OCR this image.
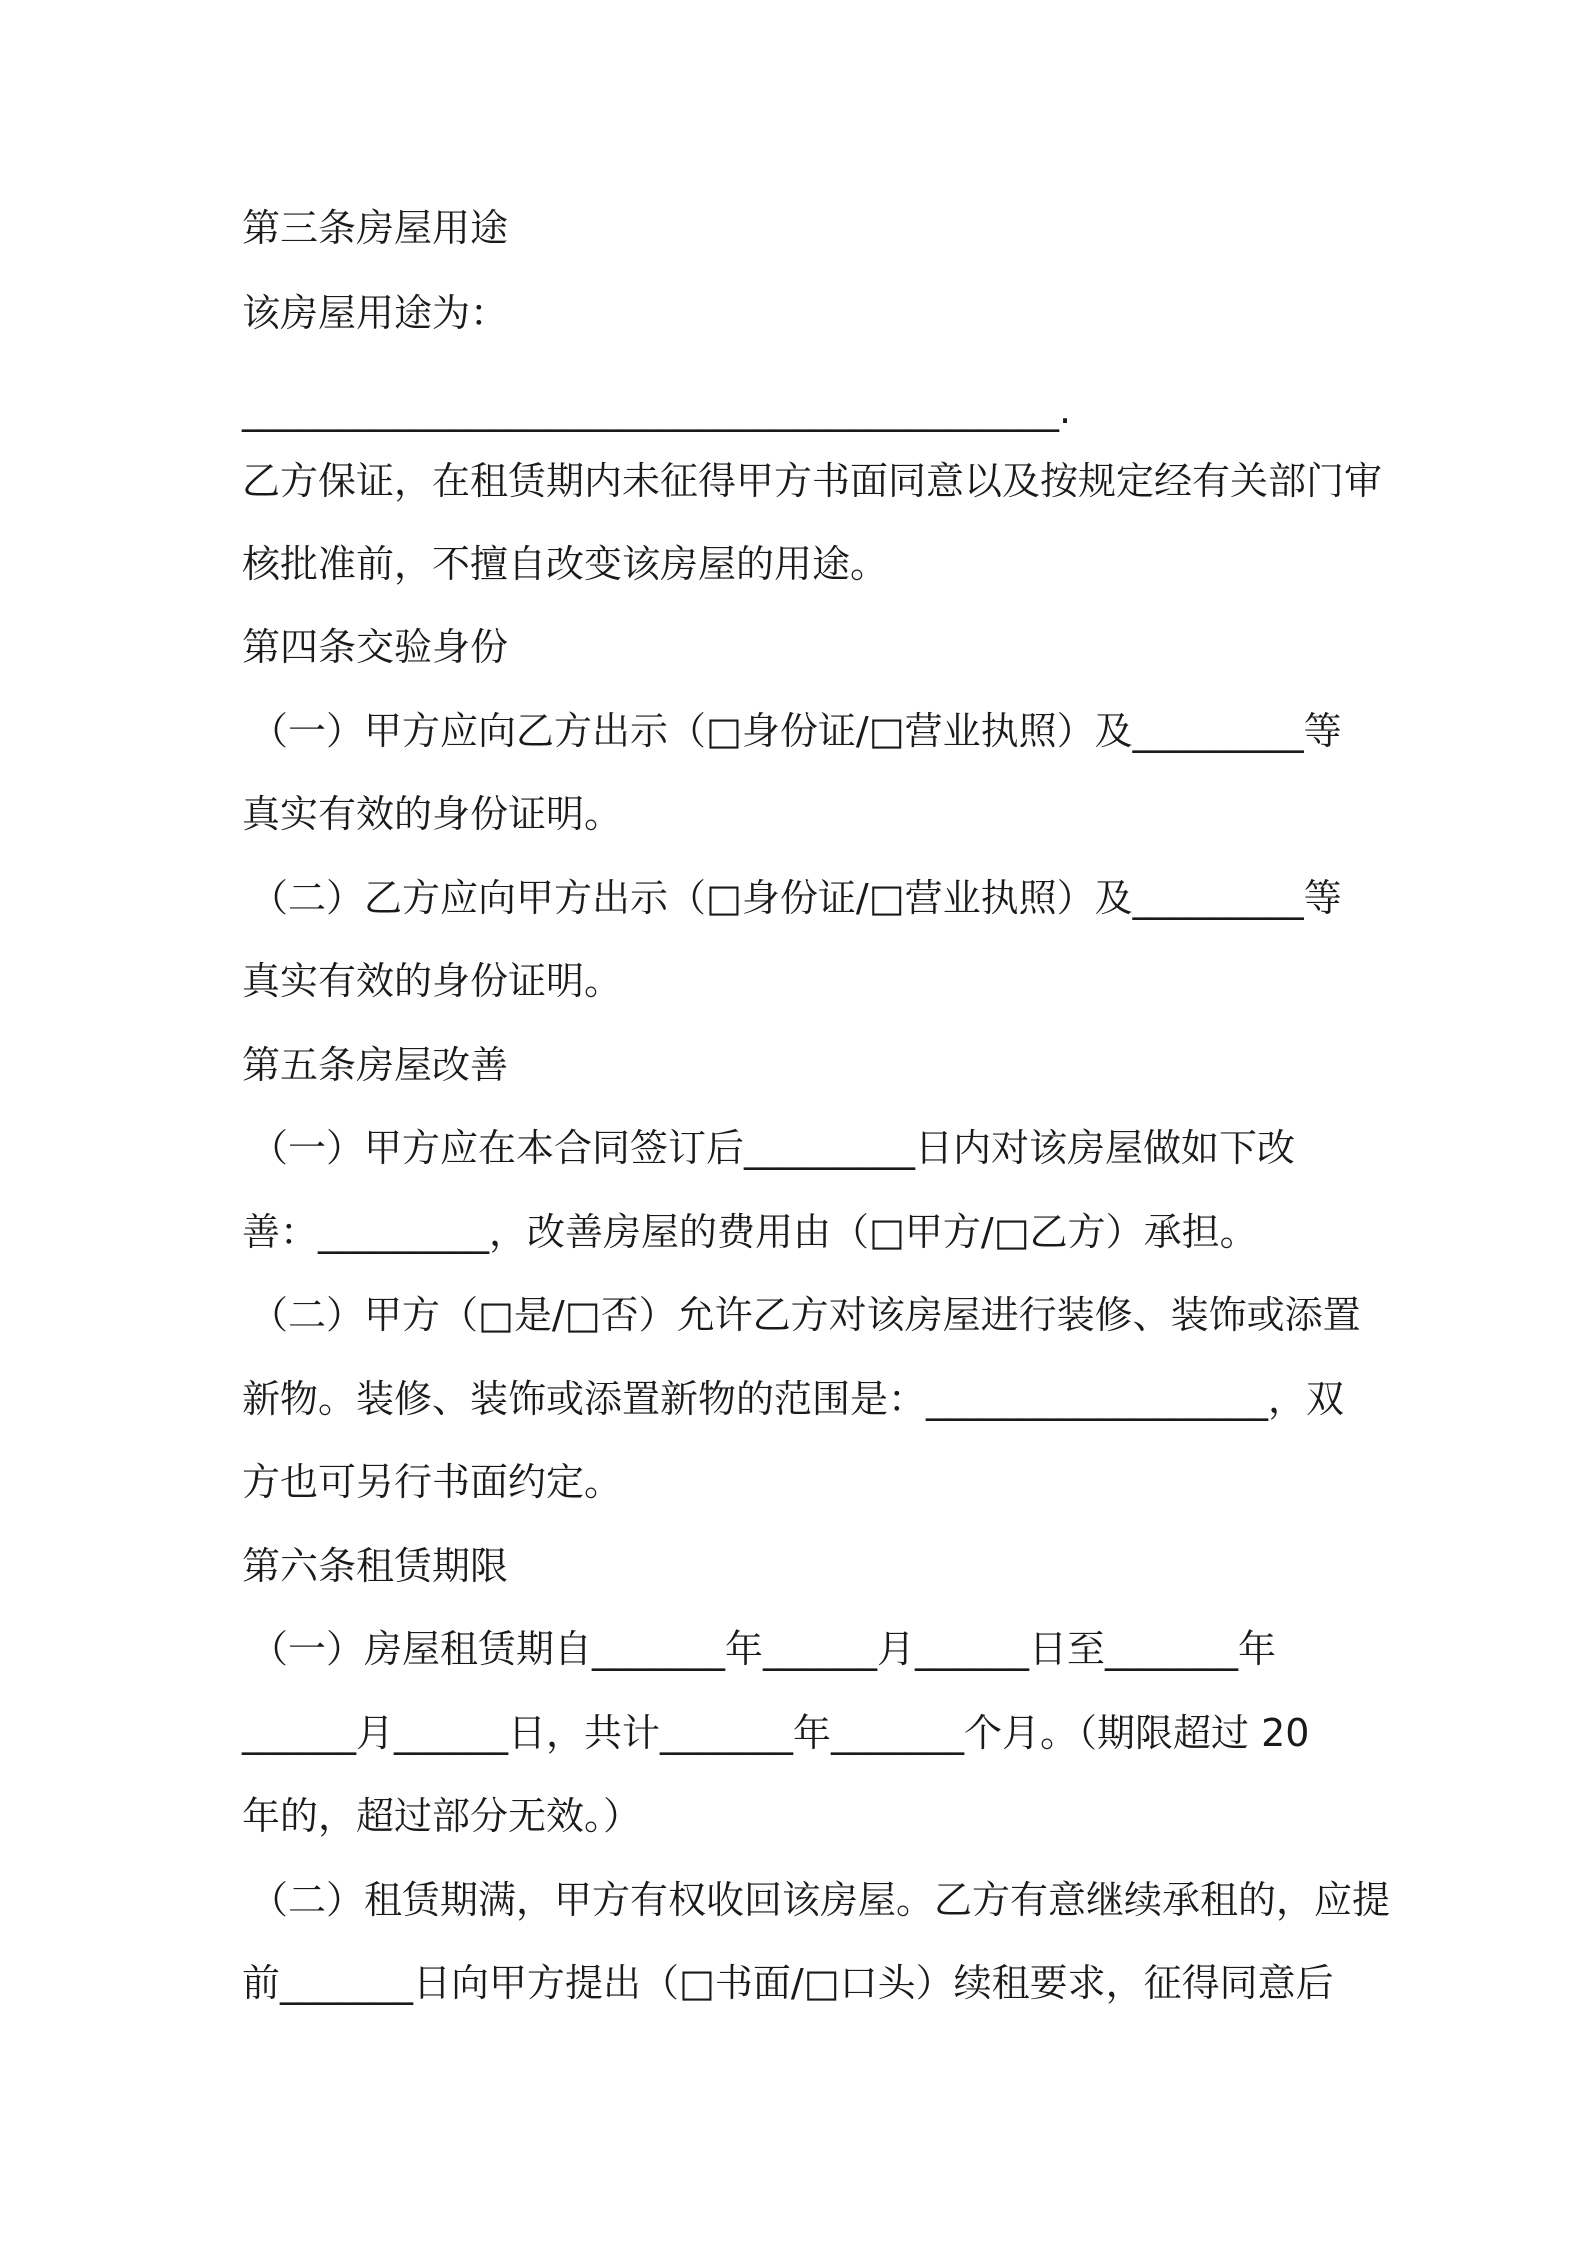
第三条房屋用途
该房屋用途为：
___________________________________________.
乙方保证，在租赁期内未征得甲方书面同意以及按规定经有关部门审
核批准前，不擅自改变该房屋的用途。
第四条交验身份
（一）甲方应向乙方出示（□身份证/□营业执照）及_________等
真实有效的身份证明。
（二）乙方应向甲方出示（□身份证/□营业执照）及_________等
真实有效的身份证明。
第五条房屋改善
（一）甲方应在本合同签订后_________日内对该房屋做如下改
善：_________，改善房屋的费用由（□甲方/□乙方）承担。
（二）甲方（□是/□否）允许乙方对该房屋进行装修、装饰或添置
新物。装修、装饰或添置新物的范围是：__________________，双
方也可另行书面约定。
第六条租赁期限
（一）房屋租赁期自_______年______月______日至_______年
______月______日，共计_______年_______个月。（期限超过 20
年的，超过部分无效。）
（二）租赁期满，甲方有权收回该房屋。乙方有意继续承租的，应提
前_______日向甲方提出（□书面/□口头）续租要求，征得同意后
